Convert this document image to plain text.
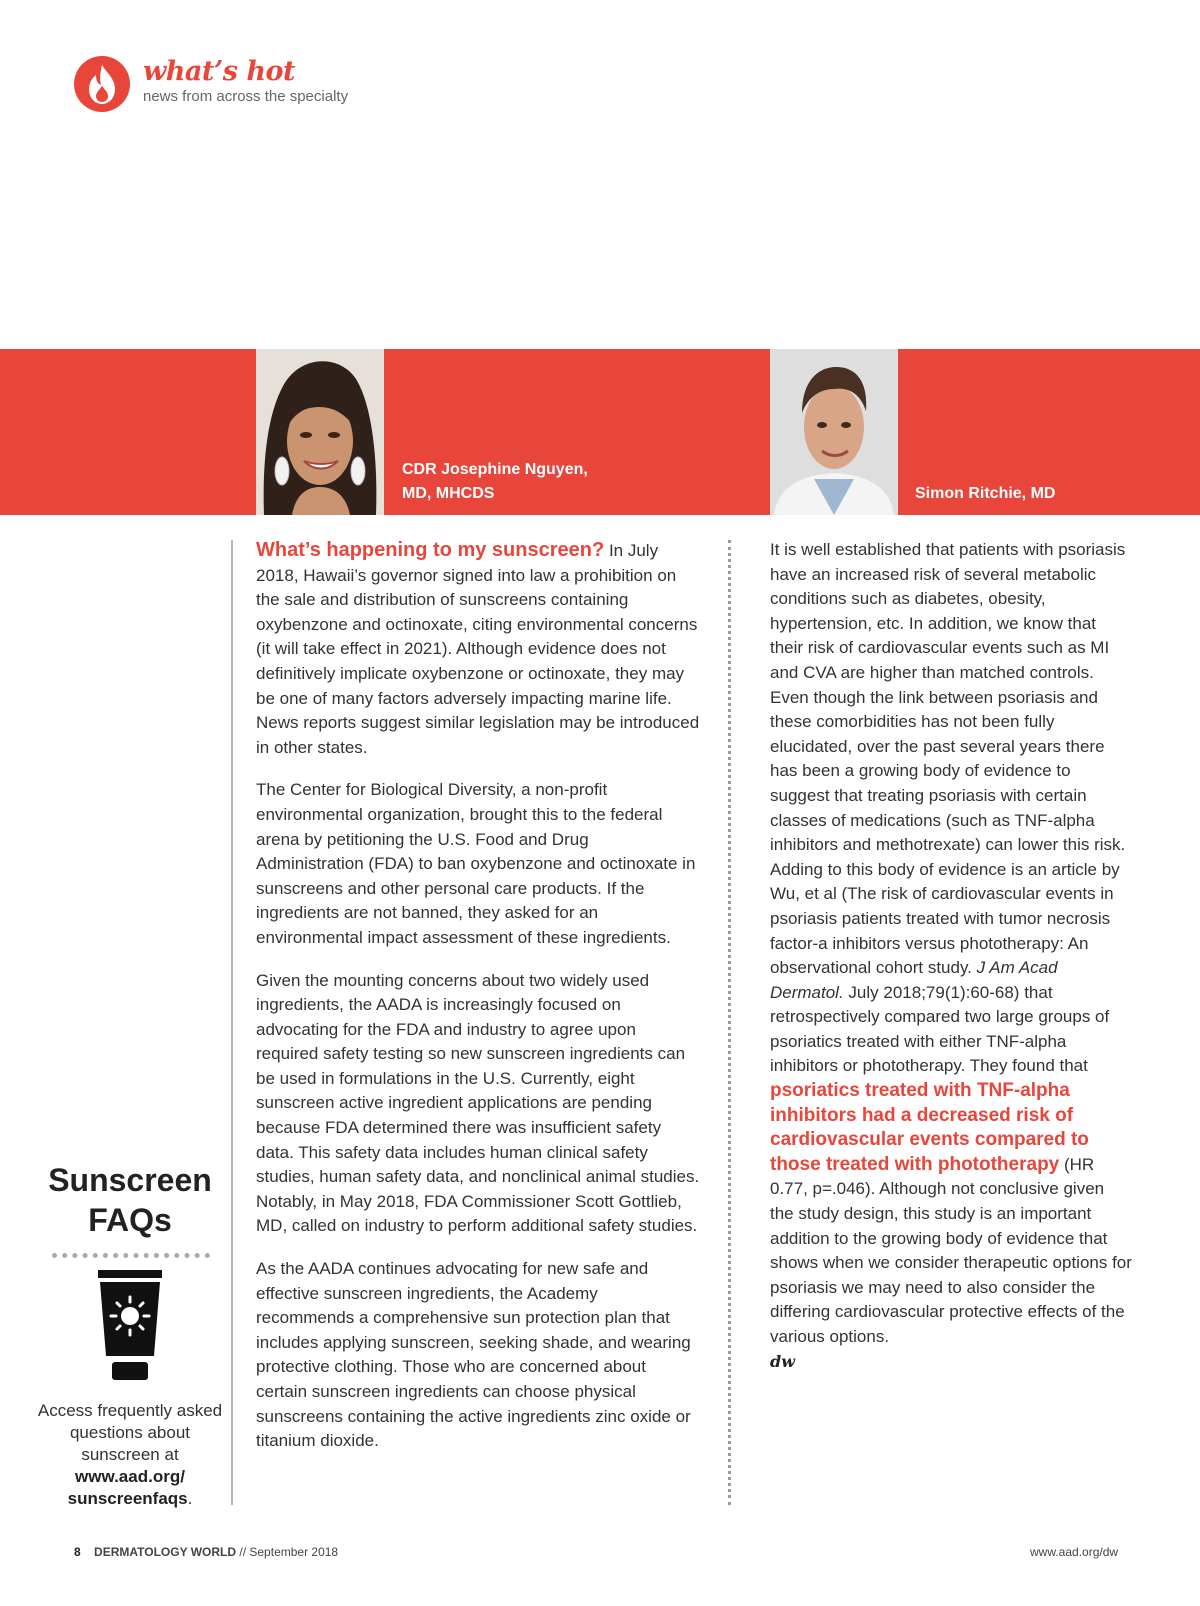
what’s hot
news from across the specialty
CDR Josephine Nguyen,
MD, MHCDS	Simon Ritchie, MD

What’s happening to my sunscreen? In July 2018, Hawaii’s governor signed into law a prohibition on the sale and distribution of sunscreens containing oxybenzone and octinoxate, citing environmental concerns (it will take effect in 2021). Although evidence does not definitively implicate oxybenzone or octinoxate, they may be one of many factors adversely impacting marine life. News reports suggest similar legislation may be introduced in other states.

The Center for Biological Diversity, a non-profit environmental organization, brought this to the federal arena by petitioning the U.S. Food and Drug Administration (FDA) to ban oxybenzone and octinoxate in sunscreens and other personal care products. If the ingredients are not banned, they asked for an environmental impact assessment of these ingredients.

Given the mounting concerns about two widely used ingredients, the AADA is increasingly focused on advocating for the FDA and industry to agree upon required safety testing so new sunscreen ingredients can be used in formulations in the U.S. Currently, eight sunscreen active ingredient applications are pending because FDA determined there was insufficient safety data. This safety data includes human clinical safety studies, human safety data, and nonclinical animal studies. Notably, in May 2018, FDA Commissioner Scott Gottlieb, MD, called on industry to perform additional safety studies.

As the AADA continues advocating for new safe and effective sunscreen ingredients, the Academy recommends a comprehensive sun protection plan that includes applying sunscreen, seeking shade, and wearing protective clothing. Those who are concerned about certain sunscreen ingredients can choose physical sunscreens containing the active ingredients zinc oxide or titanium dioxide.

It is well established that patients with psoriasis have an increased risk of several metabolic conditions such as diabetes, obesity, hypertension, etc. In addition, we know that their risk of cardiovascular events such as MI and CVA are higher than matched controls. Even though the link between psoriasis and these comorbidities has not been fully elucidated, over the past several years there has been a growing body of evidence to suggest that treating psoriasis with certain classes of medications (such as TNF-alpha inhibitors and methotrexate) can lower this risk. Adding to this body of evidence is an article by Wu, et al (The risk of cardiovascular events in psoriasis patients treated with tumor necrosis factor-a inhibitors versus phototherapy: An observational cohort study. J Am Acad Dermatol. July 2018;79(1):60-68) that retrospectively compared two large groups of psoriatics treated with either TNF-alpha inhibitors or phototherapy. They found that psoriatics treated with TNF-alpha inhibitors had a decreased risk of cardiovascular events compared to those treated with phototherapy (HR 0.77, p=.046). Although not conclusive given the study design, this study is an important addition to the growing body of evidence that shows when we consider therapeutic options for psoriasis we may need to also consider the differing cardiovascular protective effects of the various options.
dw

Sunscreen
FAQs
Access frequently asked questions about sunscreen at
www.aad.org/
sunscreenfaqs.
8 DERMATOLOGY WORLD // September 2018	www.aad.org/dw
